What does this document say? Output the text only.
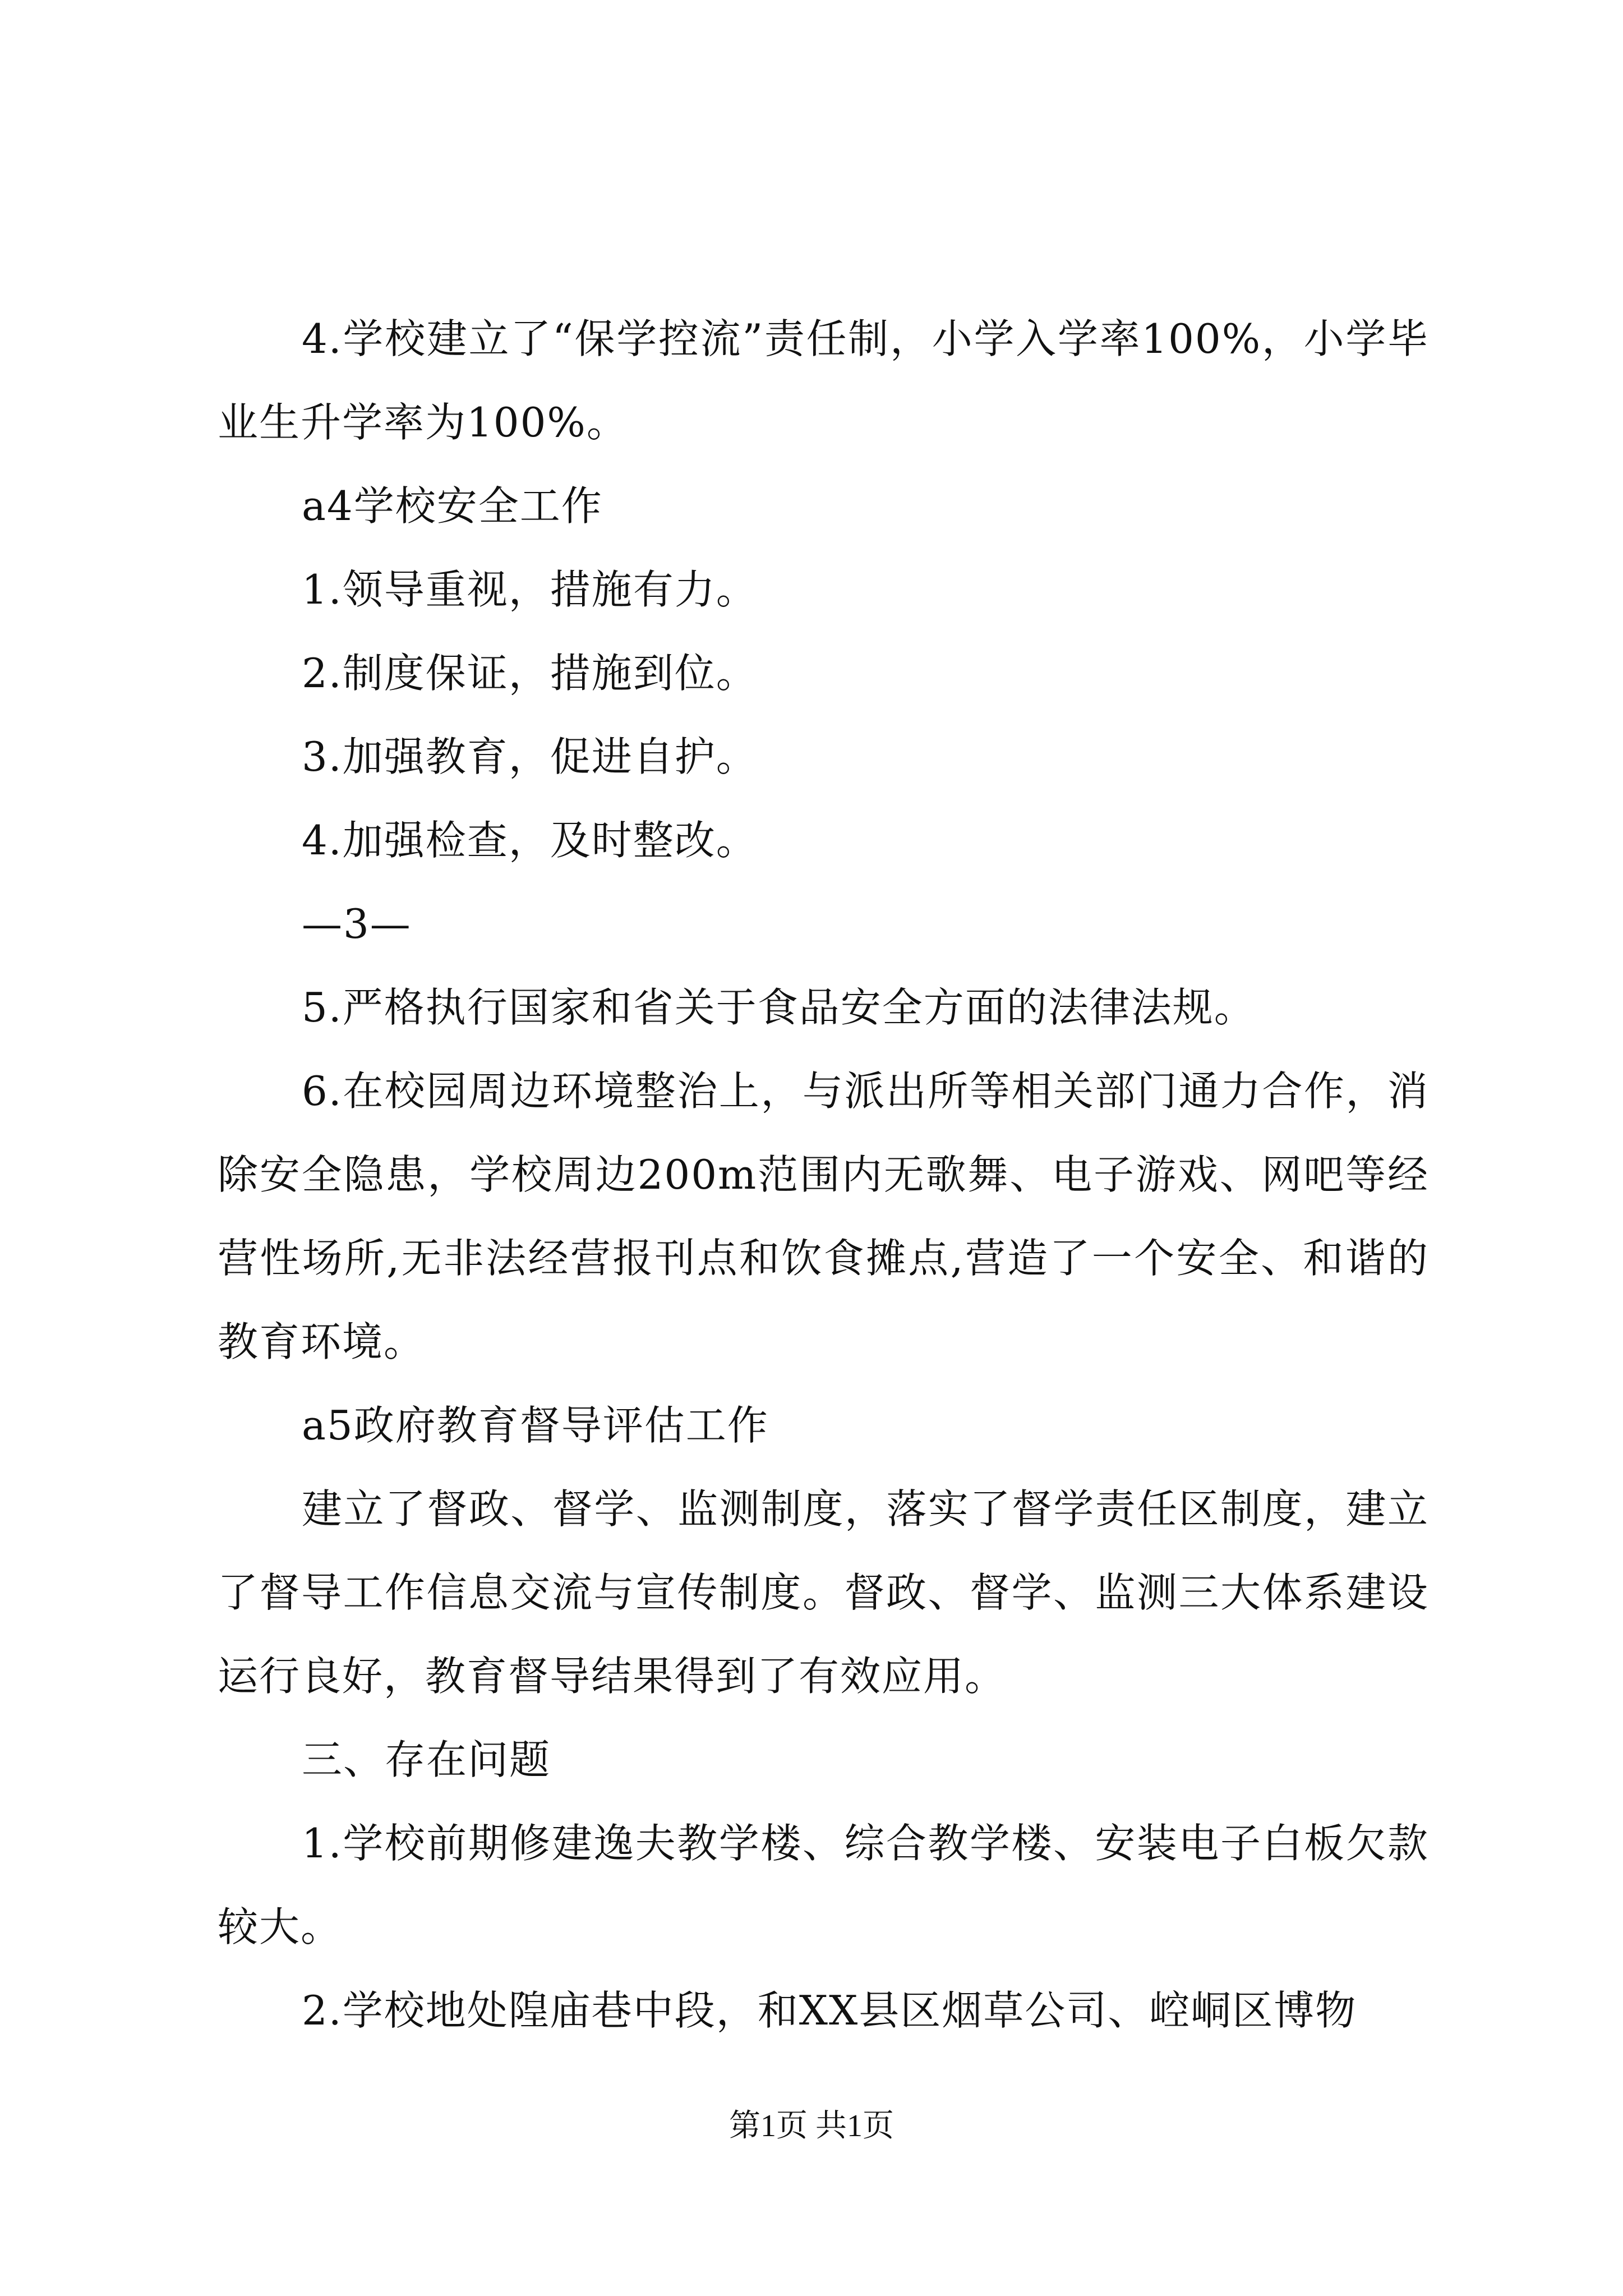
4.学校建立了“保学控流”责任制，小学入学率100%，小学毕业生升学率为100%。

a4学校安全工作

1.领导重视，措施有力。

2.制度保证，措施到位。

3.加强教育，促进自护。

4.加强检查，及时整改。

—3—

5.严格执行国家和省关于食品安全方面的法律法规。

6.在校园周边环境整治上，与派出所等相关部门通力合作，消除安全隐患，学校周边200m范围内无歌舞、电子游戏、网吧等经营性场所,无非法经营报刊点和饮食摊点,营造了一个安全、和谐的教育环境。

a5政府教育督导评估工作

建立了督政、督学、监测制度，落实了督学责任区制度，建立了督导工作信息交流与宣传制度。督政、督学、监测三大体系建设运行良好，教育督导结果得到了有效应用。

三、存在问题

1.学校前期修建逸夫教学楼、综合教学楼、安装电子白板欠款较大。

2.学校地处隍庙巷中段，和XX县区烟草公司、崆峒区博物

第1页 共1页
